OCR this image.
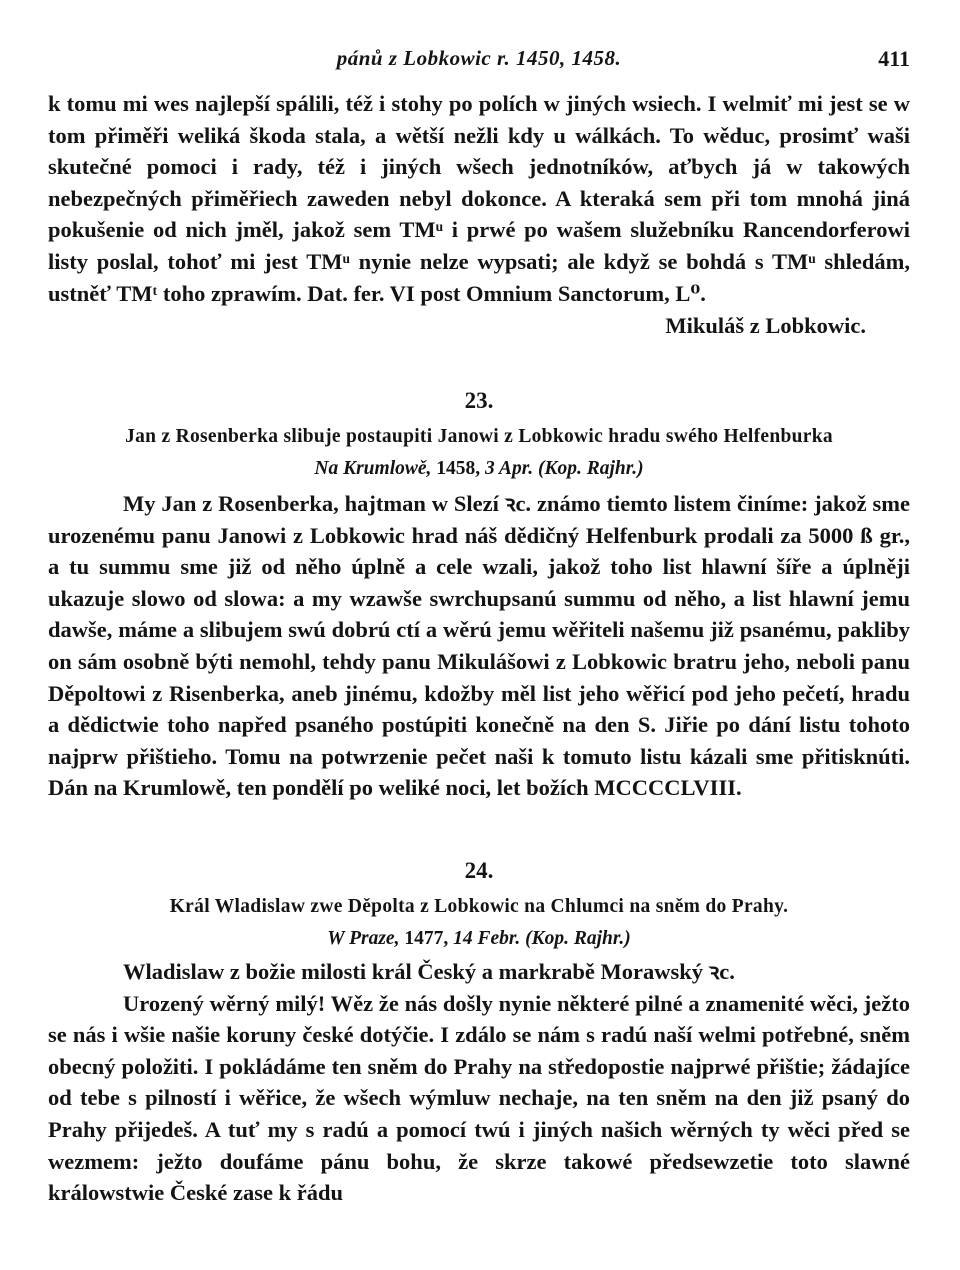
pánů z Lobkowic r. 1450, 1458.	411

k tomu mi wes najlepší spálili, též i stohy po polích w jiných wsiech. I welmiť mi jest se w tom přiměři weliká škoda stala, a wětší nežli kdy u wálkách. To wěduc, prosimť waši skutečné pomoci i rady, též i jiných wšech jednotníków, aťbych já w takowých nebezpečných přiměřiech zaweden nebyl dokonce. A kteraká sem při tom mnohá jiná pokušenie od nich jměl, jakož sem TMᵘ i prwé po wašem služebníku Rancendorferowi listy poslal, tohoť mi jest TMᵘ nynie nelze wypsati; ale když se bohdá s TMᵘ shledám, ustněť TMᵗ toho zprawím. Dat. fer. VI post Omnium Sanctorum, L⁰.

Mikuláš z Lobkowic.

23.

Jan z Rosenberka slibuje postaupiti Janowi z Lobkowic hradu swého Helfenburka

Na Krumlowě, 1458, 3 Apr. (Kop. Rajhr.)

My Jan z Rosenberka, hajtman w Slezí ꝛc. známo tiemto listem činíme: jakož sme urozenému panu Janowi z Lobkowic hrad náš dědičný Helfenburk prodali za 5000 ß gr., a tu summu sme již od něho úplně a cele wzali, jakož toho list hlawní šíře a úplněji ukazuje slowo od slowa: a my wzawše swrchupsanú summu od něho, a list hlawní jemu dawše, máme a slibujem swú dobrú ctí a wěrú jemu wěřiteli našemu již psanému, pakliby on sám osobně býti nemohl, tehdy panu Mikulášowi z Lobkowic bratru jeho, neboli panu Děpoltowi z Risenberka, aneb jinému, kdožby měl list jeho wěřicí pod jeho pečetí, hradu a dědictwie toho napřed psaného postúpiti konečně na den S. Jiřie po dání listu tohoto najprw přištieho. Tomu na potwrzenie pečet naši k tomuto listu kázali sme přitisknúti. Dán na Krumlowě, ten pondělí po weliké noci, let božích MCCCCLVIII.

24.

Král Wladislaw zwe Děpolta z Lobkowic na Chlumci na sněm do Prahy.

W Praze, 1477, 14 Febr. (Kop. Rajhr.)

Wladislaw z božie milosti král Český a markrabě Morawský ꝛc.

Urozený wěrný milý! Wěz že nás došly nynie některé pilné a znamenité wěci, ježto se nás i wšie našie koruny české dotýčie. I zdálo se nám s radú naší welmi potřebné, sněm obecný položiti. I pokládáme ten sněm do Prahy na středopostie najprwé přištie; žádajíce od tebe s pilností i wěřice, že wšech wýmluw nechaje, na ten sněm na den již psaný do Prahy přijedeš. A tuť my s radú a pomocí twú i jiných našich wěrných ty wěci před se wezmem: ježto doufáme pánu bohu, že skrze takowé předsewzetie toto slawné králowstwie České zase k řádu
